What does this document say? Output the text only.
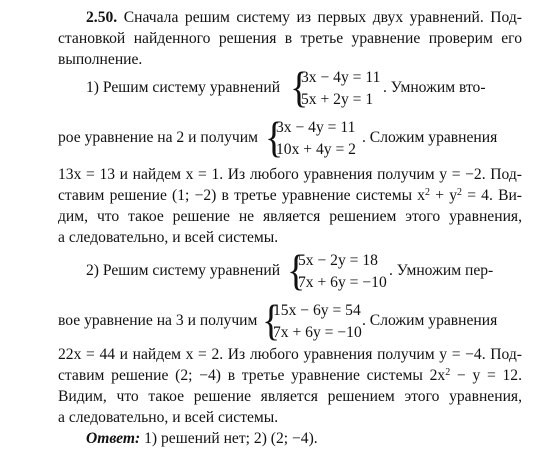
2.50. Сначала решим систему из первых двух уравнений. Под-
становкой найденного решения в третье уравнение проверим его
выполнение.
1) Решим систему уравнений {
3x − 4y = 11
5x + 2y = 1
. Умножим вто-
рое уравнение на 2 и получим {
3x − 4y = 11
10x + 4y = 2
. Сложим уравнения
13x = 13 и найдем x = 1. Из любого уравнения получим y = −2. Под-
ставим решение (1; −2) в третье уравнение системы $x^2 + y^2 = 4$. Ви-
дим, что такое решение не является решением этого уравнения,
а следовательно, и всей системы.
2) Решим систему уравнений {
5x − 2y = 18
7x + 6y = −10
. Умножим пер-
вое уравнение на 3 и получим {
15x − 6y = 54
7x + 6y = −10
. Сложим уравнения
22x = 44 и найдем x = 2. Из любого уравнения получим y = −4. Под-
ставим решение (2; −4) в третье уравнение системы $2x^2 - y = 12$.
Видим, что такое решение является решением этого уравнения,
а следовательно, и всей системы.
Ответ: 1) решений нет; 2) (2; −4).
